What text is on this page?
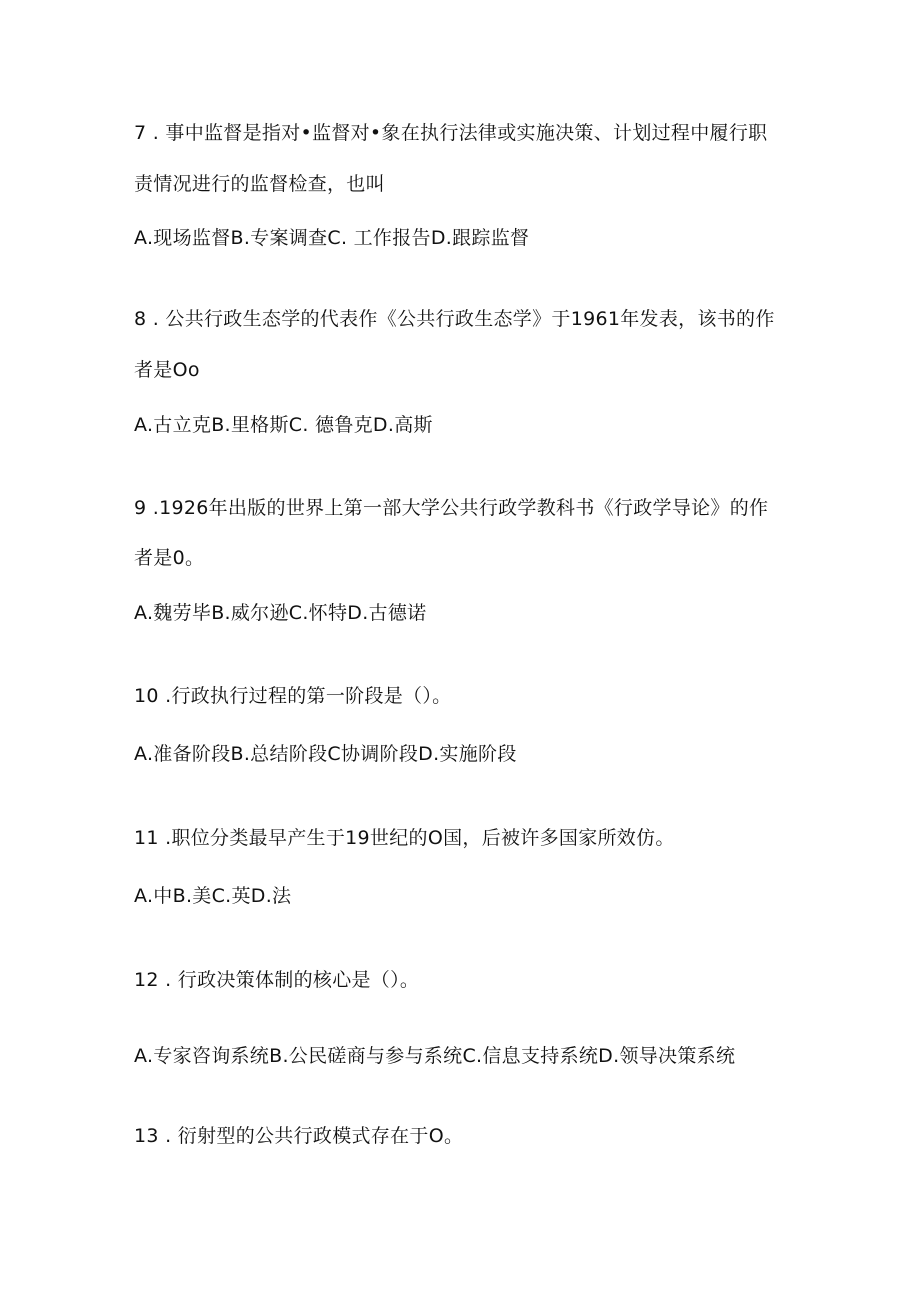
7 . 事中监督是指对•监督对•象在执行法律或实施决策、计划过程中履行职
责情况进行的监督检查，也叫
A.现场监督B.专案调查C. 工作报告D.跟踪监督
8 . 公共行政生态学的代表作《公共行政生态学》于1961年发表，该书的作
者是Oo
A.古立克B.里格斯C. 德鲁克D.高斯
9 .1926年出版的世界上第一部大学公共行政学教科书《行政学导论》的作
者是0。
A.魏劳毕B.威尔逊C.怀特D.古德诺
10 .行政执行过程的第一阶段是（）。
A.准备阶段B.总结阶段C协调阶段D.实施阶段
11 .职位分类最早产生于19世纪的O国，后被许多国家所效仿。
A.中B.美C.英D.法
12 . 行政决策体制的核心是（）。
A.专家咨询系统B.公民磋商与参与系统C.信息支持系统D.领导决策系统
13 . 衍射型的公共行政模式存在于O。
